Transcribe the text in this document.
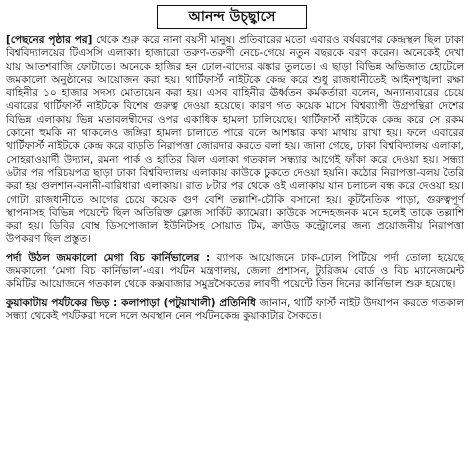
আনন্দ উচ্ছ্বাসে

[পেছনের পৃষ্ঠার পর] থেকে শুরু করে নানা বয়সী মানুষ। প্রতিবারের মতো এবারও বর্ষবরণের কেন্দ্রস্থল ছিল ঢাকা বিশ্ববিদ্যালয়ের টিএসসি এলাকা। হাজারো তরুণ-তরুণী নেচে-গেয়ে নতুন বছরকে বরণ করেন। অনেকেই দেখা যায় আতশবাজি ফোটাতে। অনেকে হাজির হন ঢোল-বাদ্যের ঝঙ্কার তুলতে। এ ছাড়া বিভিন্ন অভিজাত হোটেলে জমকালো অনুষ্ঠানের আয়োজন করা হয়। থার্টিফার্স্ট নাইটকে কেন্দ্র করে শুধু রাজধানীতেই আইনশৃঙ্খলা রক্ষা বাহিনীর ১০ হাজার সদস্য মোতায়েন করা হয়। এসব বাহিনীর ঊর্ধ্বতন কর্মকর্তারা বলেন, অন্যান্যবারের চেয়ে এবারের থার্টিফার্স্ট নাইটকে বিশেষ গুরুত্ব দেওয়া হয়েছে। কারণ গত কয়েক মাসে বিশ্বব্যাপী উগ্রপন্থিরা দেশের বিভিন্ন এলাকায় ভিন্ন মতাবলম্বীদের ওপর একাধিক হামলা চালিয়েছে। থার্টিফার্স্ট নাইটকে কেন্দ্র করে সে রকম কোনো হুমকি না থাকলেও জঙ্গিরা হামলা চালাতে পারে বলে আশঙ্কার কথা মাথায় রাখা হয়। ফলে এবারের থার্টিফার্স্ট নাইটকে কেন্দ্র করে বাড়তি নিরাপত্তা জোরদার করতে বলা হয়। জানা গেছে, ঢাকা বিশ্ববিদ্যালয় এলাকা, সোহরাওয়ার্দী উদ্যান, রমনা পার্ক ও হাতির ঝিল এলাকা গতকাল সন্ধ্যার আগেই ফাঁকা করে দেওয়া হয়। সন্ধ্যা ৬টার পর পরিচয়পত্র ছাড়া ঢাকা বিশ্ববিদ্যালয় এলাকায় কাউকে ঢুকতে দেওয়া হয়নি। কঠোর নিরাপত্তা-বলয় তৈরি করা হয় গুলশান-বনানী-বারিধারা এলাকায়। রাত ৮টার পর থেকে ওই এলাকায় যান চলাচল বন্ধ করে দেওয়া হয়। গোটা রাজধানীতে আগের চেয়ে কয়েক গুণ বেশি তল্লাশি-চৌকি বসানো হয়। কূটনৈতিক পাড়া, গুরুত্বপূর্ণ স্থাপনাসহ বিভিন্ন পয়েন্টে ছিল অতিরিক্ত ক্লোজ সার্কিট ক্যামেরা। কাউকে সন্দেহজনক মনে হলেই তাকে তল্লাশি করা হয়। ডিবির বোম্ব ডিসপোজাল ইউনিটসহ সোয়াত টিম, ক্রাউড কন্ট্রোলের জন্য প্রয়োজনীয় নিরাপত্তা উপকরণ ছিল প্রস্তুত।

পর্দা উঠল জমকালো মেগা বিচ কার্নিভালের : ব্যাপক আয়োজনে ঢাক-ঢোল পিটিয়ে পর্দা তোলা হয়েছে জমকালো ‘মেগা বিচ কার্নিভাল’-এর। পর্যটন মন্ত্রণালয়, জেলা প্রশাসন, ট্যুরিজম বোর্ড ও বিচ ম্যানেজমেন্ট কমিটির আয়োজনে গতকাল থেকে কক্সবাজার সমুদ্রসৈকতের লাবণী পয়েন্টে তিন দিনের কার্নিভাল শুরু হয়েছে।

কুয়াকাটায় পর্যটকের ভিড় : কলাপাড়া (পটুয়াখালী) প্রতিনিধি জানান, থার্টি ফার্স্ট নাইট উদযাপন করতে গতকাল সন্ধ্যা থেকেই পর্যটকরা দলে দলে অবস্থান নেন পর্যটনকেন্দ্র কুয়াকাটার সৈকতে।
